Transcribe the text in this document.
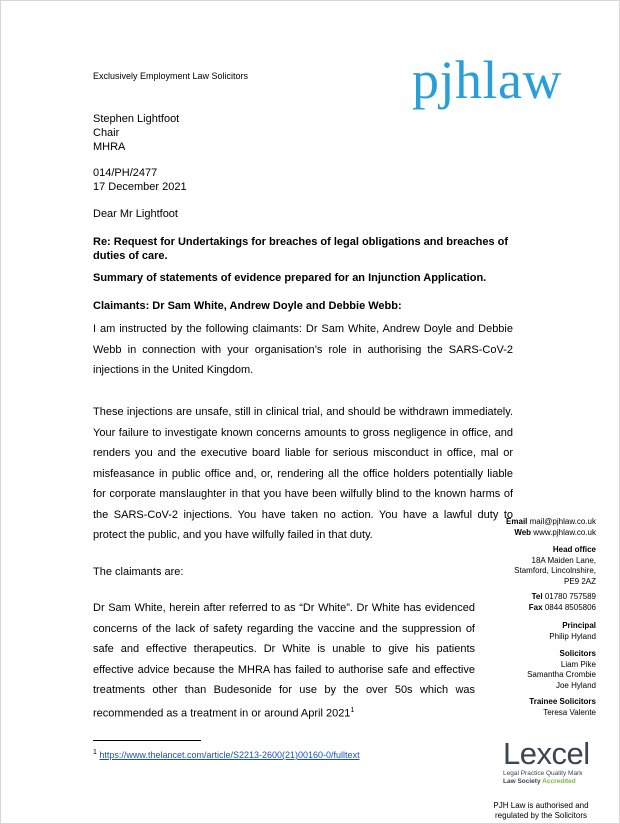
Exclusively Employment Law Solicitors	pjhlaw
Stephen Lightfoot
Chair
MHRA
014/PH/2477
17 December 2021
Dear Mr Lightfoot
Re: Request for Undertakings for breaches of legal obligations and breaches of duties of care.
Summary of statements of evidence prepared for an Injunction Application.
Claimants: Dr Sam White, Andrew Doyle and Debbie Webb:
I am instructed by the following claimants: Dr Sam White, Andrew Doyle and Debbie Webb in connection with your organisation’s role in authorising the SARS-CoV-2 injections in the United Kingdom.
These injections are unsafe, still in clinical trial, and should be withdrawn immediately. Your failure to investigate known concerns amounts to gross negligence in office, and renders you and the executive board liable for serious misconduct in office, mal or misfeasance in public office and, or, rendering all the office holders potentially liable for corporate manslaughter in that you have been wilfully blind to the known harms of the SARS-CoV-2 injections. You have taken no action. You have a lawful duty to protect the public, and you have wilfully failed in that duty.
The claimants are:
Dr Sam White, herein after referred to as “Dr White”. Dr White has evidenced concerns of the lack of safety regarding the vaccine and the suppression of safe and effective therapeutics. Dr White is unable to give his patients effective advice because the MHRA has failed to authorise safe and effective treatments other than Budesonide for use by the over 50s which was recommended as a treatment in or around April 2021$^1$
$^1$ https://www.thelancet.com/article/S2213-2600(21)00160-0/fulltext
Email mail@pjhlaw.co.uk
Web www.pjhlaw.co.uk
Head office
18A Maiden Lane,
Stamford, Lincolnshire,
PE9 2AZ
Tel 01780 757589
Fax 0844 8505806
Principal
Philip Hyland
Solicitors
Liam Pike
Samantha Crombie
Joe Hyland
Trainee Solicitors
Teresa Valente
Lexcel
Legal Practice Quality Mark
Law Society Accredited
PJH Law is authorised and
regulated by the Solicitors
